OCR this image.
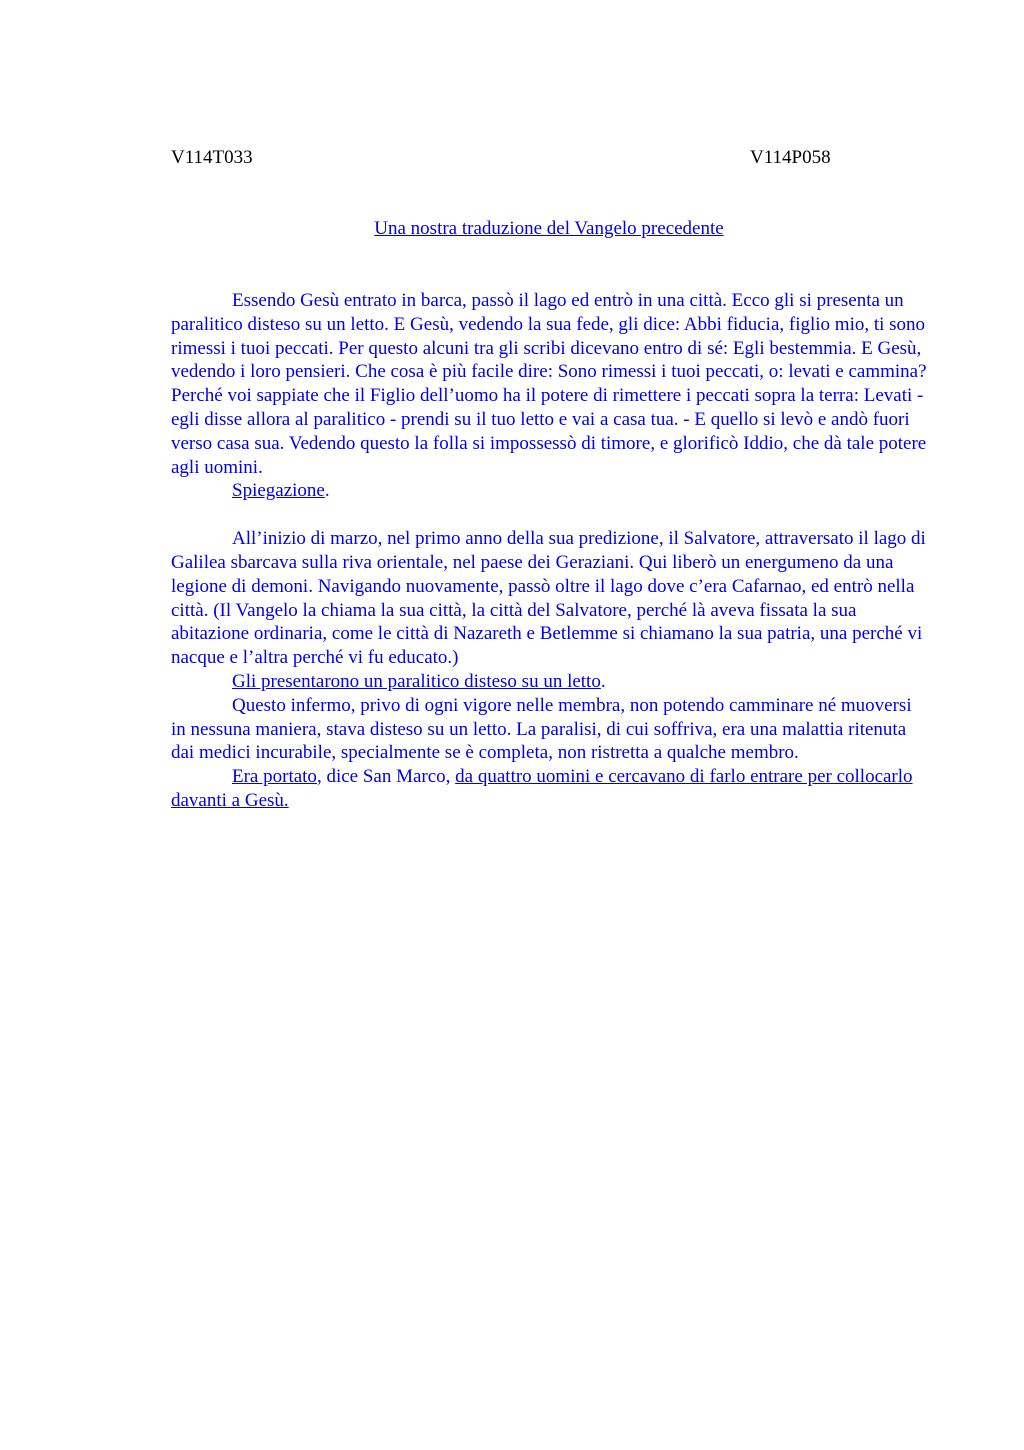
V114T033	V114P058
Una nostra traduzione del Vangelo precedente

Essendo Gesù entrato in barca, passò il lago ed entrò in una città. Ecco gli si presenta un paralitico disteso su un letto. E Gesù, vedendo la sua fede, gli dice: Abbi fiducia, figlio mio, ti sono rimessi i tuoi peccati. Per questo alcuni tra gli scribi dicevano entro di sé: Egli bestemmia. E Gesù, vedendo i loro pensieri. Che cosa è più facile dire: Sono rimessi i tuoi peccati, o: levati e cammina? Perché voi sappiate che il Figlio dell’uomo ha il potere di rimettere i peccati sopra la terra: Levati - egli disse allora al paralitico - prendi su il tuo letto e vai a casa tua. - E quello si levò e andò fuori verso casa sua. Vedendo questo la folla si impossessò di timore, e glorificò Iddio, che dà tale potere agli uomini.

Spiegazione.

All’inizio di marzo, nel primo anno della sua predizione, il Salvatore, attraversato il lago di Galilea sbarcava sulla riva orientale, nel paese dei Geraziani. Qui liberò un energumeno da una legione di demoni. Navigando nuovamente, passò oltre il lago dove c’era Cafarnao, ed entrò nella città. (Il Vangelo la chiama la sua città, la città del Salvatore, perché là aveva fissata la sua abitazione ordinaria, come le città di Nazareth e Betlemme si chiamano la sua patria, una perché vi nacque e l’altra perché vi fu educato.)

Gli presentarono un paralitico disteso su un letto.

Questo infermo, privo di ogni vigore nelle membra, non potendo camminare né muoversi in nessuna maniera, stava disteso su un letto. La paralisi, di cui soffriva, era una malattia ritenuta dai medici incurabile, specialmente se è completa, non ristretta a qualche membro.

Era portato, dice San Marco, da quattro uomini e cercavano di farlo entrare per collocarlo davanti a Gesù.
